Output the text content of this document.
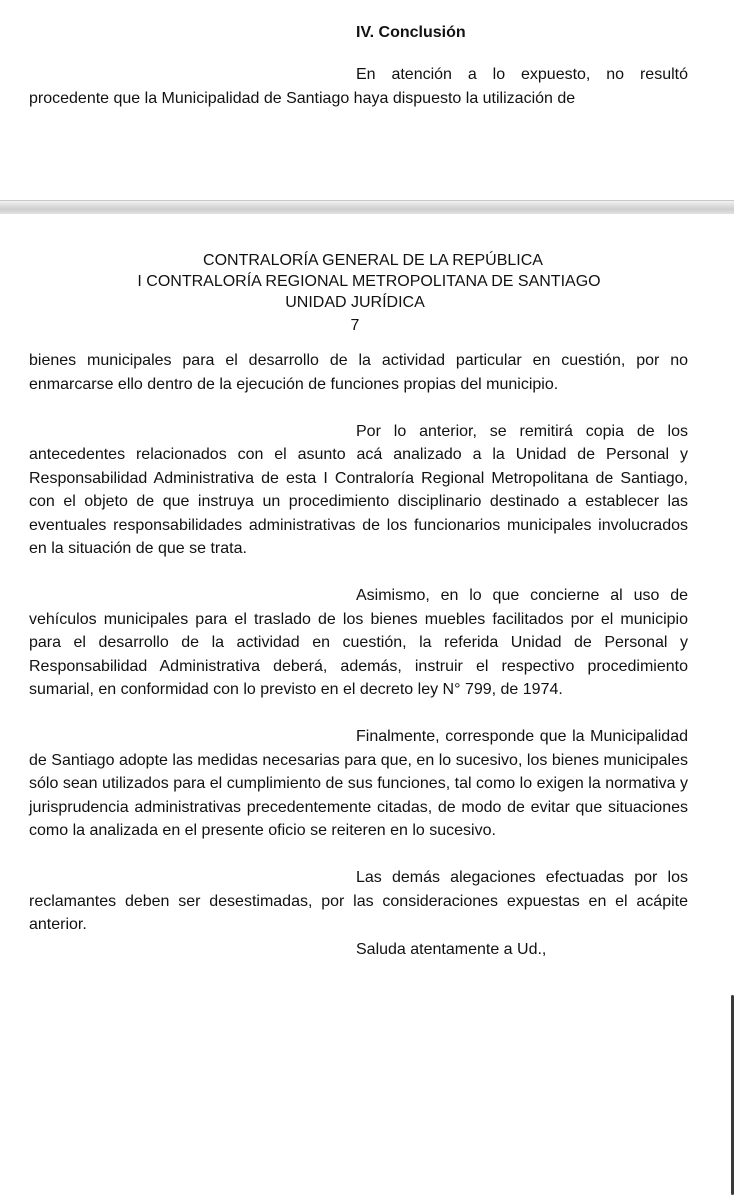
IV. Conclusión

En atención a lo expuesto, no resultó procedente que la Municipalidad de Santiago haya dispuesto la utilización de

CONTRALORÍA GENERAL DE LA REPÚBLICA
I CONTRALORÍA REGIONAL METROPOLITANA DE SANTIAGO
UNIDAD JURÍDICA
7

bienes municipales para el desarrollo de la actividad particular en cuestión, por no enmarcarse ello dentro de la ejecución de funciones propias del municipio.

Por lo anterior, se remitirá copia de los antecedentes relacionados con el asunto acá analizado a la Unidad de Personal y Responsabilidad Administrativa de esta I Contraloría Regional Metropolitana de Santiago, con el objeto de que instruya un procedimiento disciplinario destinado a establecer las eventuales responsabilidades administrativas de los funcionarios municipales involucrados en la situación de que se trata.

Asimismo, en lo que concierne al uso de vehículos municipales para el traslado de los bienes muebles facilitados por el municipio para el desarrollo de la actividad en cuestión, la referida Unidad de Personal y Responsabilidad Administrativa deberá, además, instruir el respectivo procedimiento sumarial, en conformidad con lo previsto en el decreto ley N° 799, de 1974.

Finalmente, corresponde que la Municipalidad de Santiago adopte las medidas necesarias para que, en lo sucesivo, los bienes municipales sólo sean utilizados para el cumplimiento de sus funciones, tal como lo exigen la normativa y jurisprudencia administrativas precedentemente citadas, de modo de evitar que situaciones como la analizada en el presente oficio se reiteren en lo sucesivo.

Las demás alegaciones efectuadas por los reclamantes deben ser desestimadas, por las consideraciones expuestas en el acápite anterior.

Saluda atentamente a Ud.,
